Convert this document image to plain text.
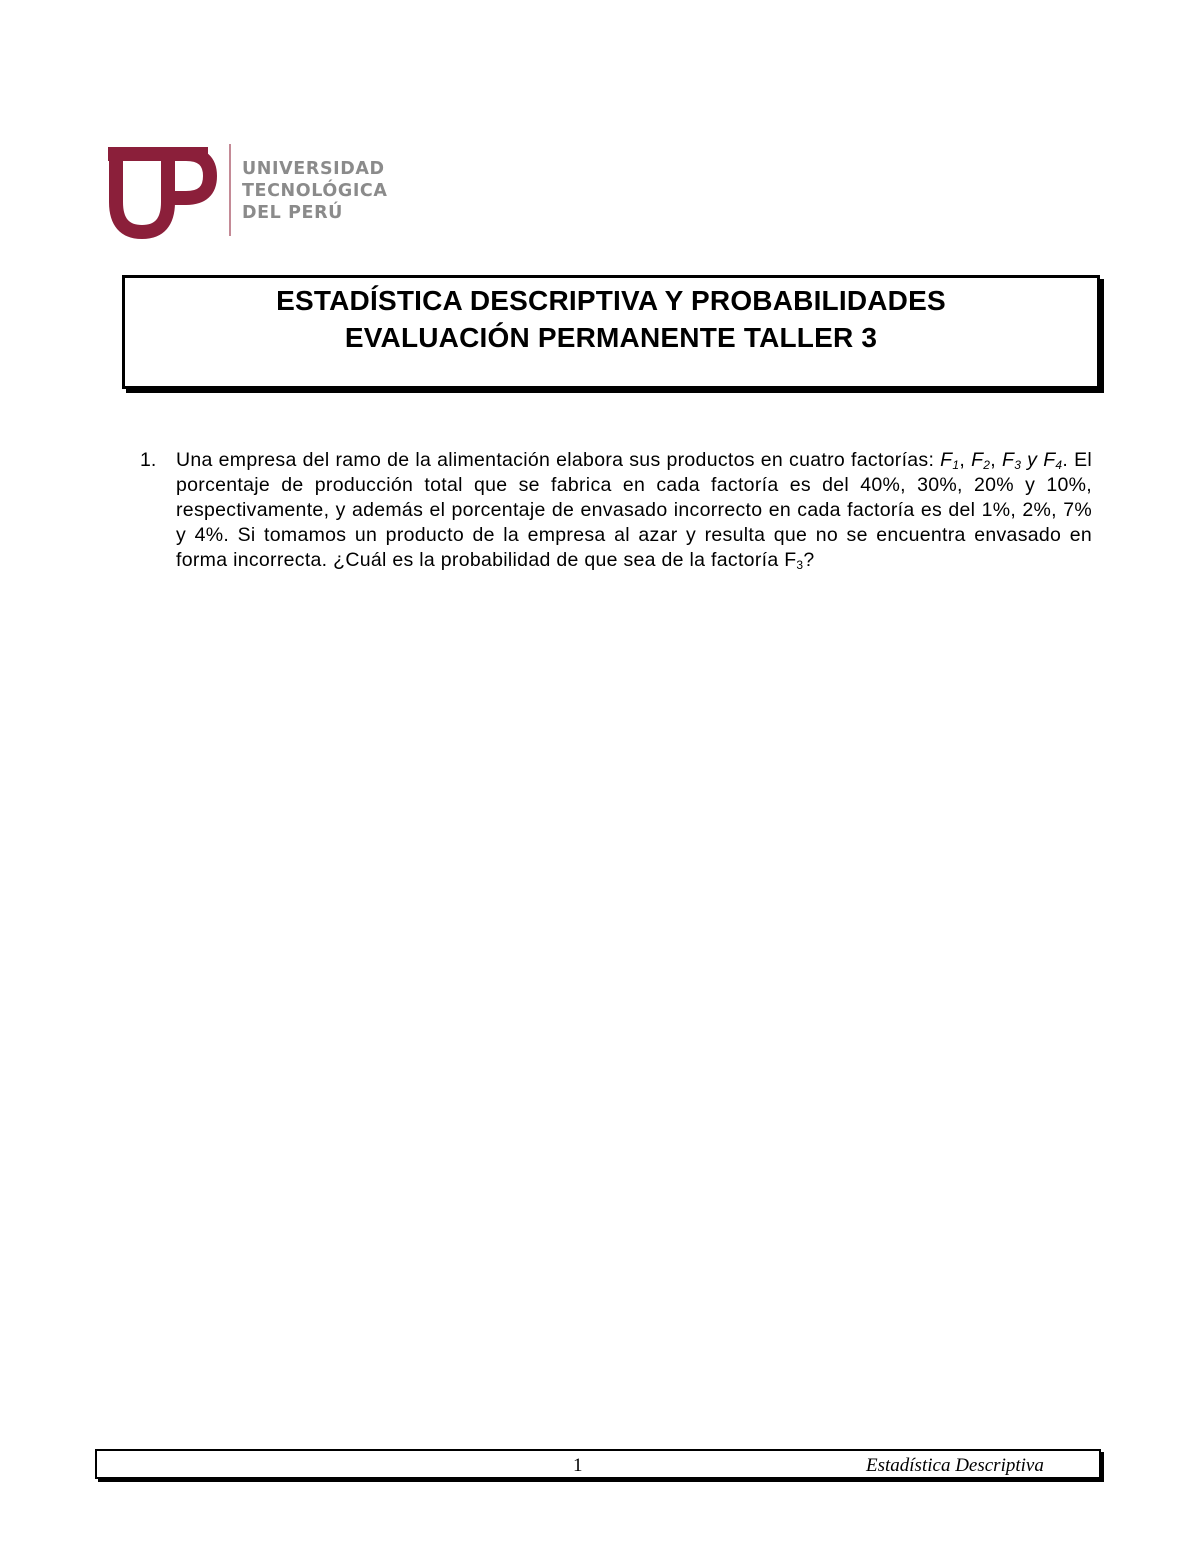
UNIVERSIDAD
TECNOLÓGICA
DEL PERÚ
ESTADÍSTICA DESCRIPTIVA Y PROBABILIDADES
EVALUACIÓN PERMANENTE TALLER 3
1. Una empresa del ramo de la alimentación elabora sus productos en cuatro factorías: $F_1$, $F_2$, $F_3$ y $F_4$. El porcentaje de producción total que se fabrica en cada factoría es del 40%, 30%, 20% y 10%, respectivamente, y además el porcentaje de envasado incorrecto en cada factoría es del 1%, 2%, 7% y 4%. Si tomamos un producto de la empresa al azar y resulta que no se encuentra envasado en forma incorrecta. ¿Cuál es la probabilidad de que sea de la factoría $F_3$?
1	Estadística Descriptiva
